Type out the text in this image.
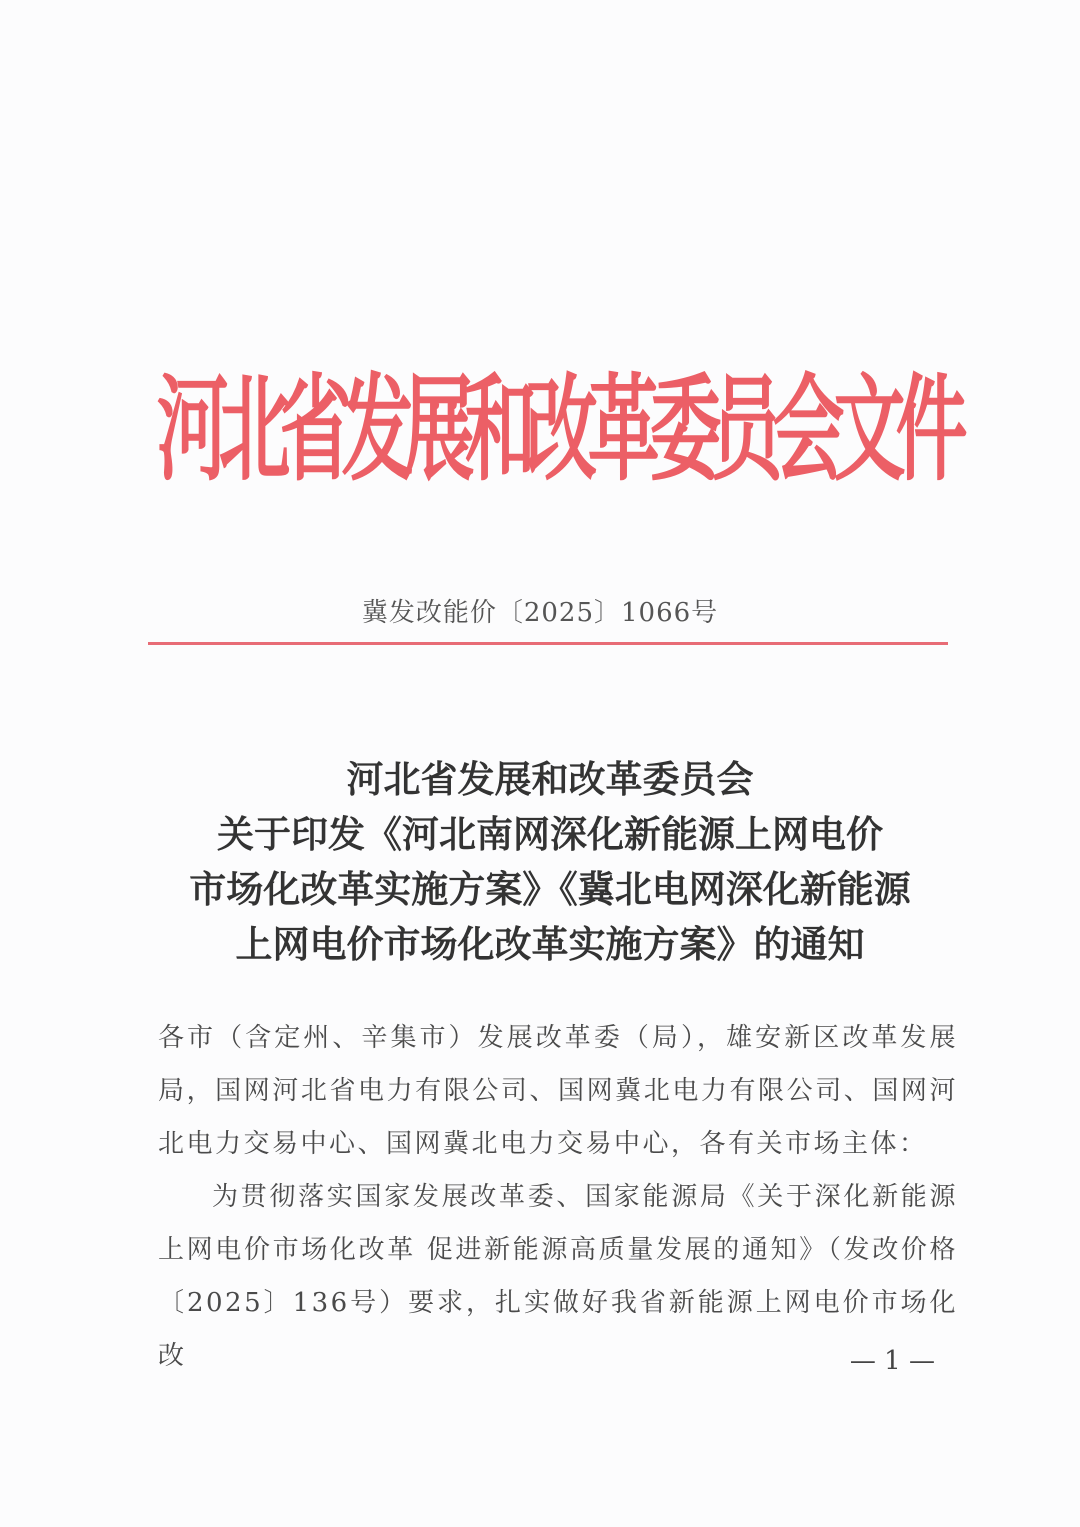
河
北
省
发
展
和
改
革
委
员
会
文
件
冀发改能价〔2025〕1066号
河北省发展和改革委员会
关于印发《河北南网深化新能源上网电价
市场化改革实施方案》《冀北电网深化新能源
上网电价市场化改革实施方案》的通知

各市（含定州、辛集市）发展改革委（局），雄安新区改革发展局，国网河北省电力有限公司、国网冀北电力有限公司、国网河北电力交易中心、国网冀北电力交易中心，各有关市场主体：

为贯彻落实国家发展改革委、国家能源局《关于深化新能源上网电价市场化改革 促进新能源高质量发展的通知》（发改价格〔2025〕136号）要求，扎实做好我省新能源上网电价市场化改	— 1 —
